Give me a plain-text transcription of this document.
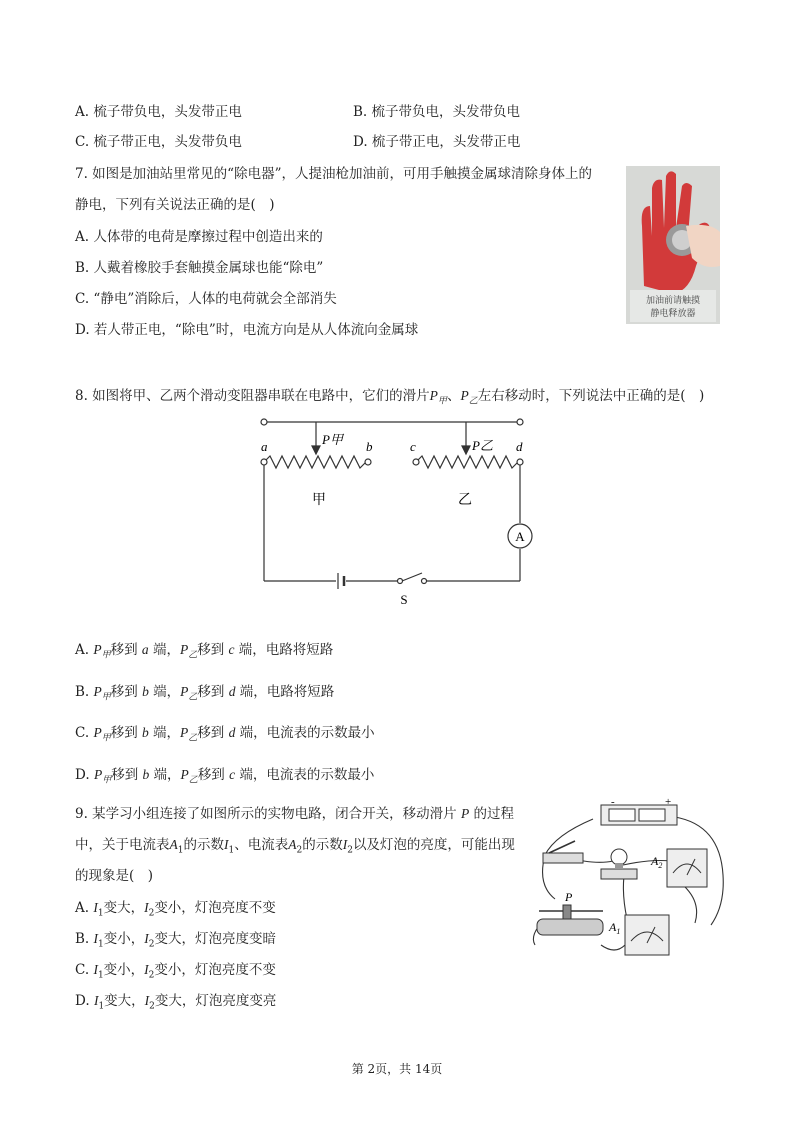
A. 梳子带负电，头发带正电	B. 梳子带负电，头发带负电
C. 梳子带正电，头发带负电	D. 梳子带正电，头发带正电
7. 如图是加油站里常见的“除电器”，人提油枪加油前，可用手触摸金属球清除身体上的
静电，下列有关说法正确的是(　)
A. 人体带的电荷是摩擦过程中创造出来的
B. 人戴着橡胶手套触摸金属球也能“除电”
C. “静电”消除后，人体的电荷就会全部消失
D. 若人带正电，“除电”时，电流方向是从人体流向金属球
加油前请触摸
静电释放器
8. 如图将甲、乙两个滑动变阻器串联在电路中，它们的滑片$P_甲$、$P_乙$左右移动时，下列说法中正确的是(　)
a	b	c	d
P甲	P乙
甲	乙
A
S
A. $P_甲$移到 a 端，$P_乙$移到 c 端，电路将短路
B. $P_甲$移到 b 端，$P_乙$移到 d 端，电路将短路
C. $P_甲$移到 b 端，$P_乙$移到 d 端，电流表的示数最小
D. $P_甲$移到 b 端，$P_乙$移到 c 端，电流表的示数最小
9. 某学习小组连接了如图所示的实物电路，闭合开关，移动滑片 P 的过程
中，关于电流表$A_1$的示数$I_1$、电流表$A_2$的示数$I_2$以及灯泡的亮度，可能出现
的现象是(　)
A. $I_1$变大，$I_2$变小，灯泡亮度不变
B. $I_1$变小，$I_2$变大，灯泡亮度变暗
C. $I_1$变小，$I_2$变小，灯泡亮度不变
D. $I_1$变大，$I_2$变大，灯泡亮度变亮
-	+
$A_2$
P
$A_1$
第 2页，共 14页
